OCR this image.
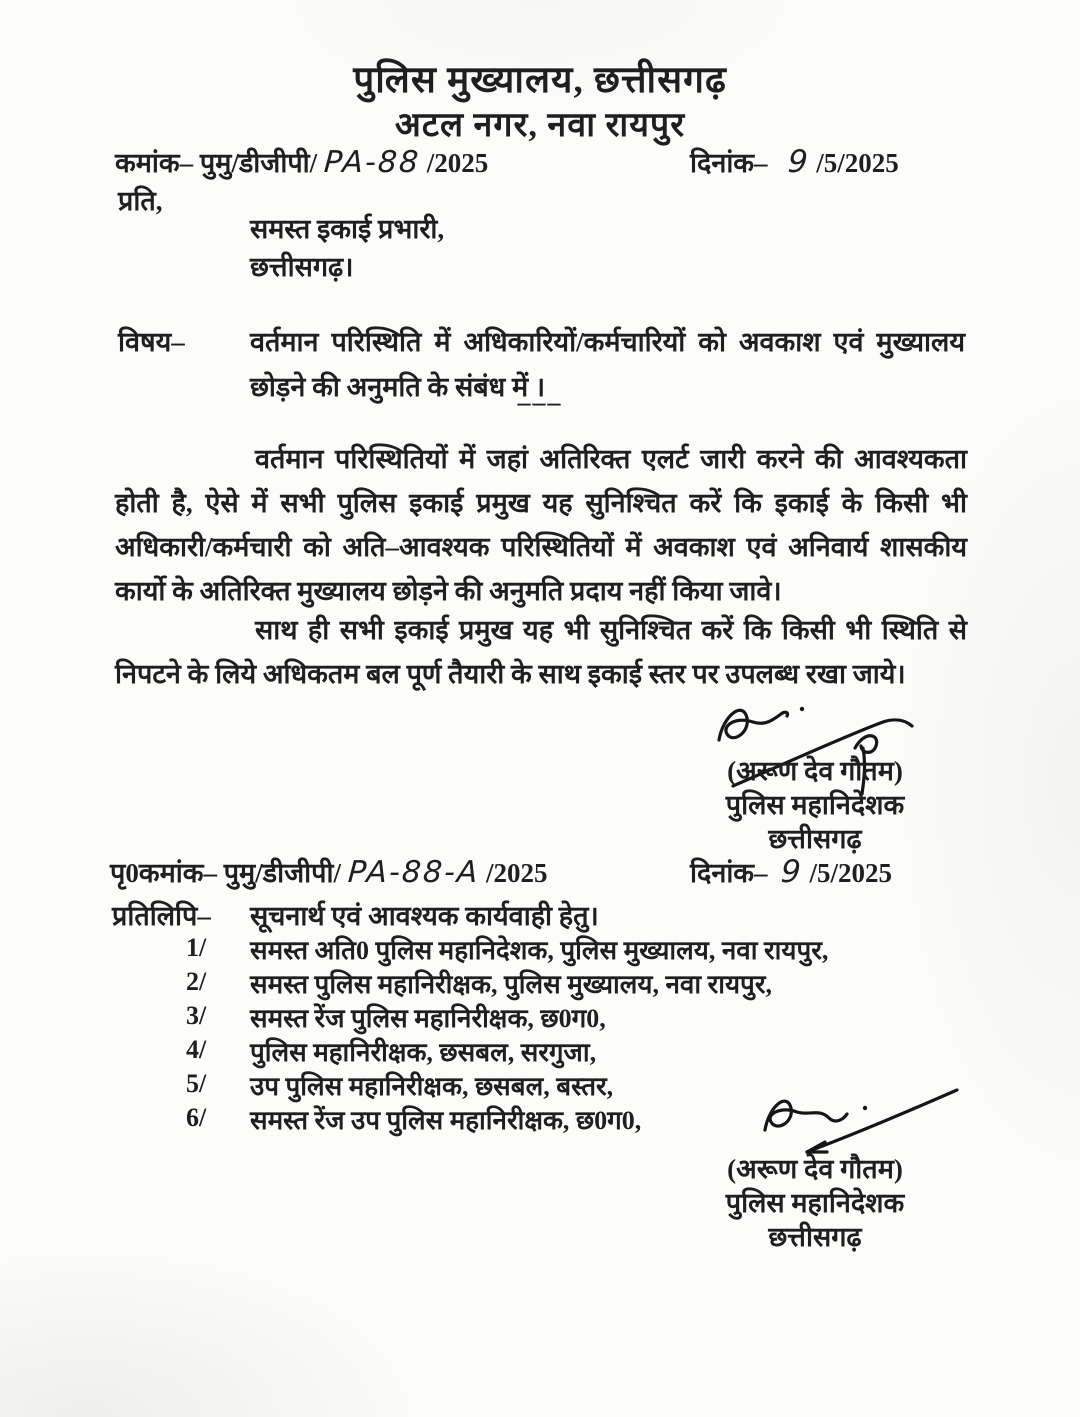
पुलिस मुख्यालय, छत्तीसगढ़
अटल नगर, नवा रायपुर
कमांक– पुमु/डीजीपी/ PA-88 /2025	दिनांक– 9 /5/2025
प्रति,
समस्त इकाई प्रभारी,
छत्तीसगढ़।
विषय– वर्तमान परिस्थिति में अधिकारियों/कर्मचारियों को अवकाश एवं मुख्यालय छोड़ने की अनुमति के संबंध में ।
–––
वर्तमान परिस्थितियों में जहां अतिरिक्त एलर्ट जारी करने की आवश्यकता होती है, ऐसे में सभी पुलिस इकाई प्रमुख यह सुनिश्चित करें कि इकाई के किसी भी अधिकारी/कर्मचारी को अति–आवश्यक परिस्थितियों में अवकाश एवं अनिवार्य शासकीय कार्यो के अतिरिक्त मुख्यालय छोड़ने की अनुमति प्रदाय नहीं किया जावे।
साथ ही सभी इकाई प्रमुख यह भी सुनिश्चित करें कि किसी भी स्थिति से निपटने के लिये अधिकतम बल पूर्ण तैयारी के साथ इकाई स्तर पर उपलब्ध रखा जाये।
(अरूण देव गौतम)
पुलिस महानिदेशक
छत्तीसगढ़
पृ0कमांक– पुमु/डीजीपी/ PA-88-A /2025	दिनांक– 9 /5/2025
प्रतिलिपि– सूचनार्थ एवं आवश्यक कार्यवाही हेतु।
1/ समस्त अति0 पुलिस महानिदेशक, पुलिस मुख्यालय, नवा रायपुर,
2/ समस्त पुलिस महानिरीक्षक, पुलिस मुख्यालय, नवा रायपुर,
3/ समस्त रेंज पुलिस महानिरीक्षक, छ0ग0,
4/ पुलिस महानिरीक्षक, छसबल, सरगुजा,
5/ उप पुलिस महानिरीक्षक, छसबल, बस्तर,
6/ समस्त रेंज उप पुलिस महानिरीक्षक, छ0ग0,
(अरूण देव गौतम)
पुलिस महानिदेशक
छत्तीसगढ़
